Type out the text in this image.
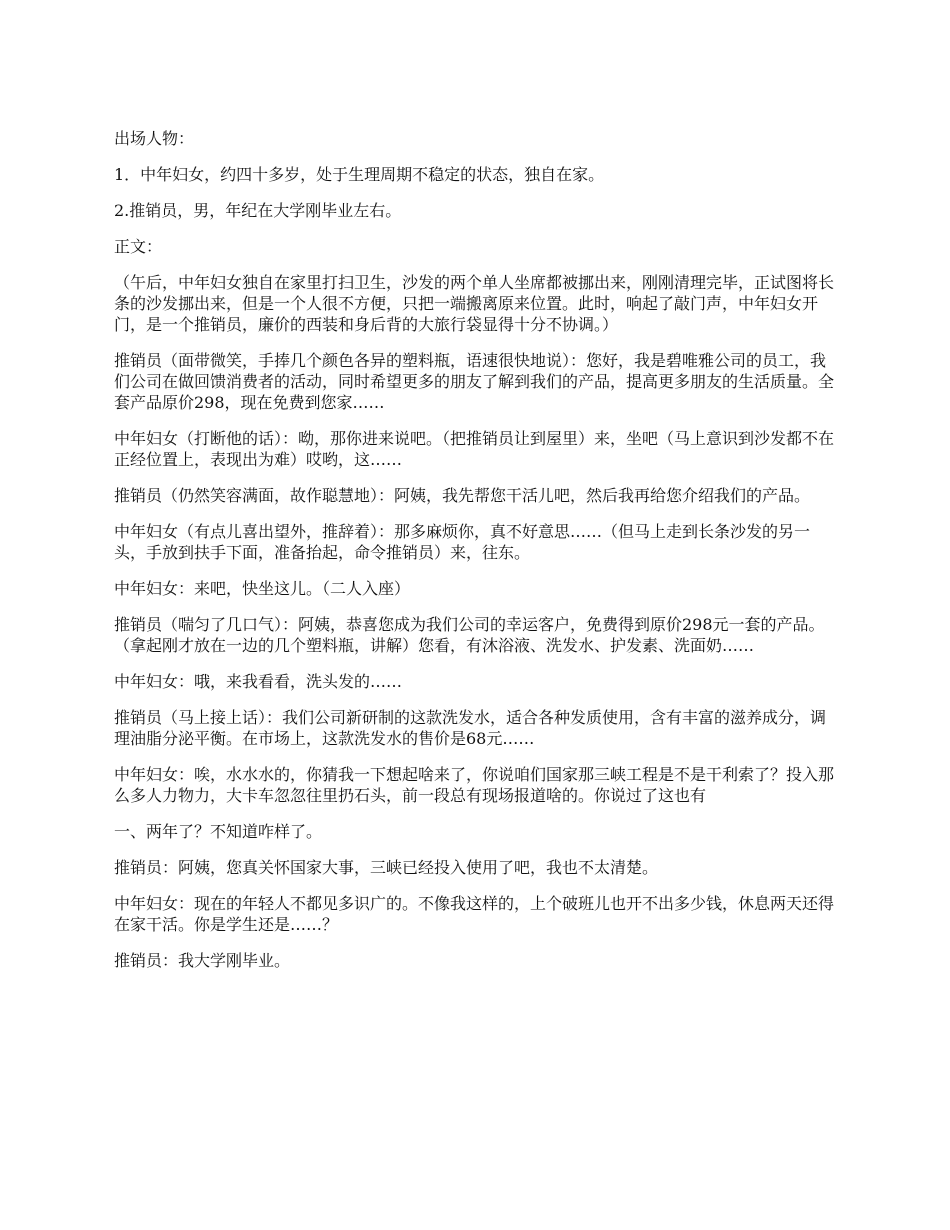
出场人物：

1．中年妇女，约四十多岁，处于生理周期不稳定的状态，独自在家。

2.推销员，男，年纪在大学刚毕业左右。

正文：

（午后，中年妇女独自在家里打扫卫生，沙发的两个单人坐席都被挪出来，刚刚清理完毕，正试图将长条的沙发挪出来，但是一个人很不方便，只把一端搬离原来位置。此时，响起了敲门声，中年妇女开门，是一个推销员，廉价的西装和身后背的大旅行袋显得十分不协调。）

推销员（面带微笑，手捧几个颜色各异的塑料瓶，语速很快地说）：您好，我是碧唯雅公司的员工，我们公司在做回馈消费者的活动，同时希望更多的朋友了解到我们的产品，提高更多朋友的生活质量。全套产品原价298，现在免费到您家……

中年妇女（打断他的话）：呦，那你进来说吧。（把推销员让到屋里）来，坐吧（马上意识到沙发都不在正经位置上，表现出为难）哎哟，这……

推销员（仍然笑容满面，故作聪慧地）：阿姨，我先帮您干活儿吧，然后我再给您介绍我们的产品。

中年妇女（有点儿喜出望外，推辞着）：那多麻烦你，真不好意思……（但马上走到长条沙发的另一头，手放到扶手下面，准备抬起，命令推销员）来，往东。

中年妇女：来吧，快坐这儿。（二人入座）

推销员（喘匀了几口气）：阿姨，恭喜您成为我们公司的幸运客户，免费得到原价298元一套的产品。（拿起刚才放在一边的几个塑料瓶，讲解）您看，有沐浴液、洗发水、护发素、洗面奶……

中年妇女：哦，来我看看，洗头发的……

推销员（马上接上话）：我们公司新研制的这款洗发水，适合各种发质使用，含有丰富的滋养成分，调理油脂分泌平衡。在市场上，这款洗发水的售价是68元……

中年妇女：唉，水水水的，你猜我一下想起啥来了，你说咱们国家那三峡工程是不是干利索了？投入那么多人力物力，大卡车忽忽往里扔石头，前一段总有现场报道啥的。你说过了这也有

一、两年了？不知道咋样了。

推销员：阿姨，您真关怀国家大事，三峡已经投入使用了吧，我也不太清楚。

中年妇女：现在的年轻人不都见多识广的。不像我这样的，上个破班儿也开不出多少钱，休息两天还得在家干活。你是学生还是……？

推销员：我大学刚毕业。
